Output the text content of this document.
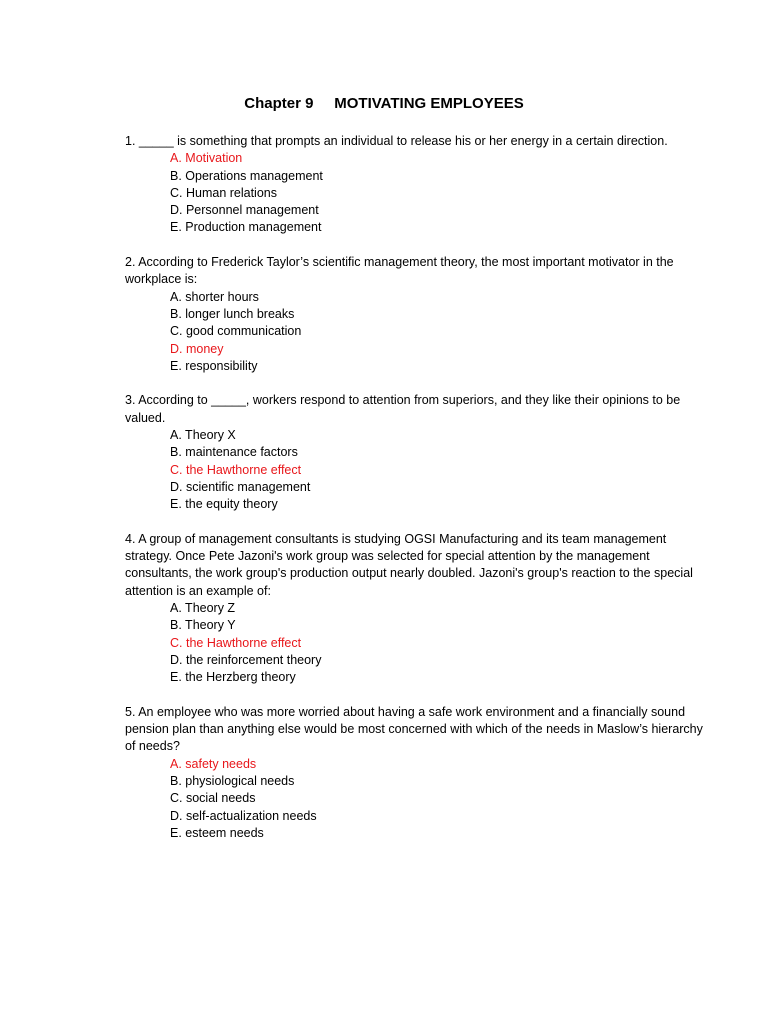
Chapter 9     MOTIVATING EMPLOYEES

1. _____ is something that prompts an individual to release his or her energy in a certain direction.

A. Motivation
B. Operations management
C. Human relations
D. Personnel management
E. Production management

2. According to Frederick Taylor’s scientific management theory, the most important motivator in the workplace is:

A. shorter hours
B. longer lunch breaks
C. good communication
D. money
E. responsibility

3. According to _____, workers respond to attention from superiors, and they like their opinions to be valued.

A. Theory X
B. maintenance factors
C. the Hawthorne effect
D. scientific management
E. the equity theory

4. A group of management consultants is studying OGSI Manufacturing and its team management strategy. Once Pete Jazoni's work group was selected for special attention by the management consultants, the work group's production output nearly doubled. Jazoni's group's reaction to the special attention is an example of:

A. Theory Z
B. Theory Y
C. the Hawthorne effect
D. the reinforcement theory
E. the Herzberg theory

5. An employee who was more worried about having a safe work environment and a financially sound pension plan than anything else would be most concerned with which of the needs in Maslow’s hierarchy of needs?

A. safety needs
B. physiological needs
C. social needs
D. self-actualization needs
E. esteem needs
